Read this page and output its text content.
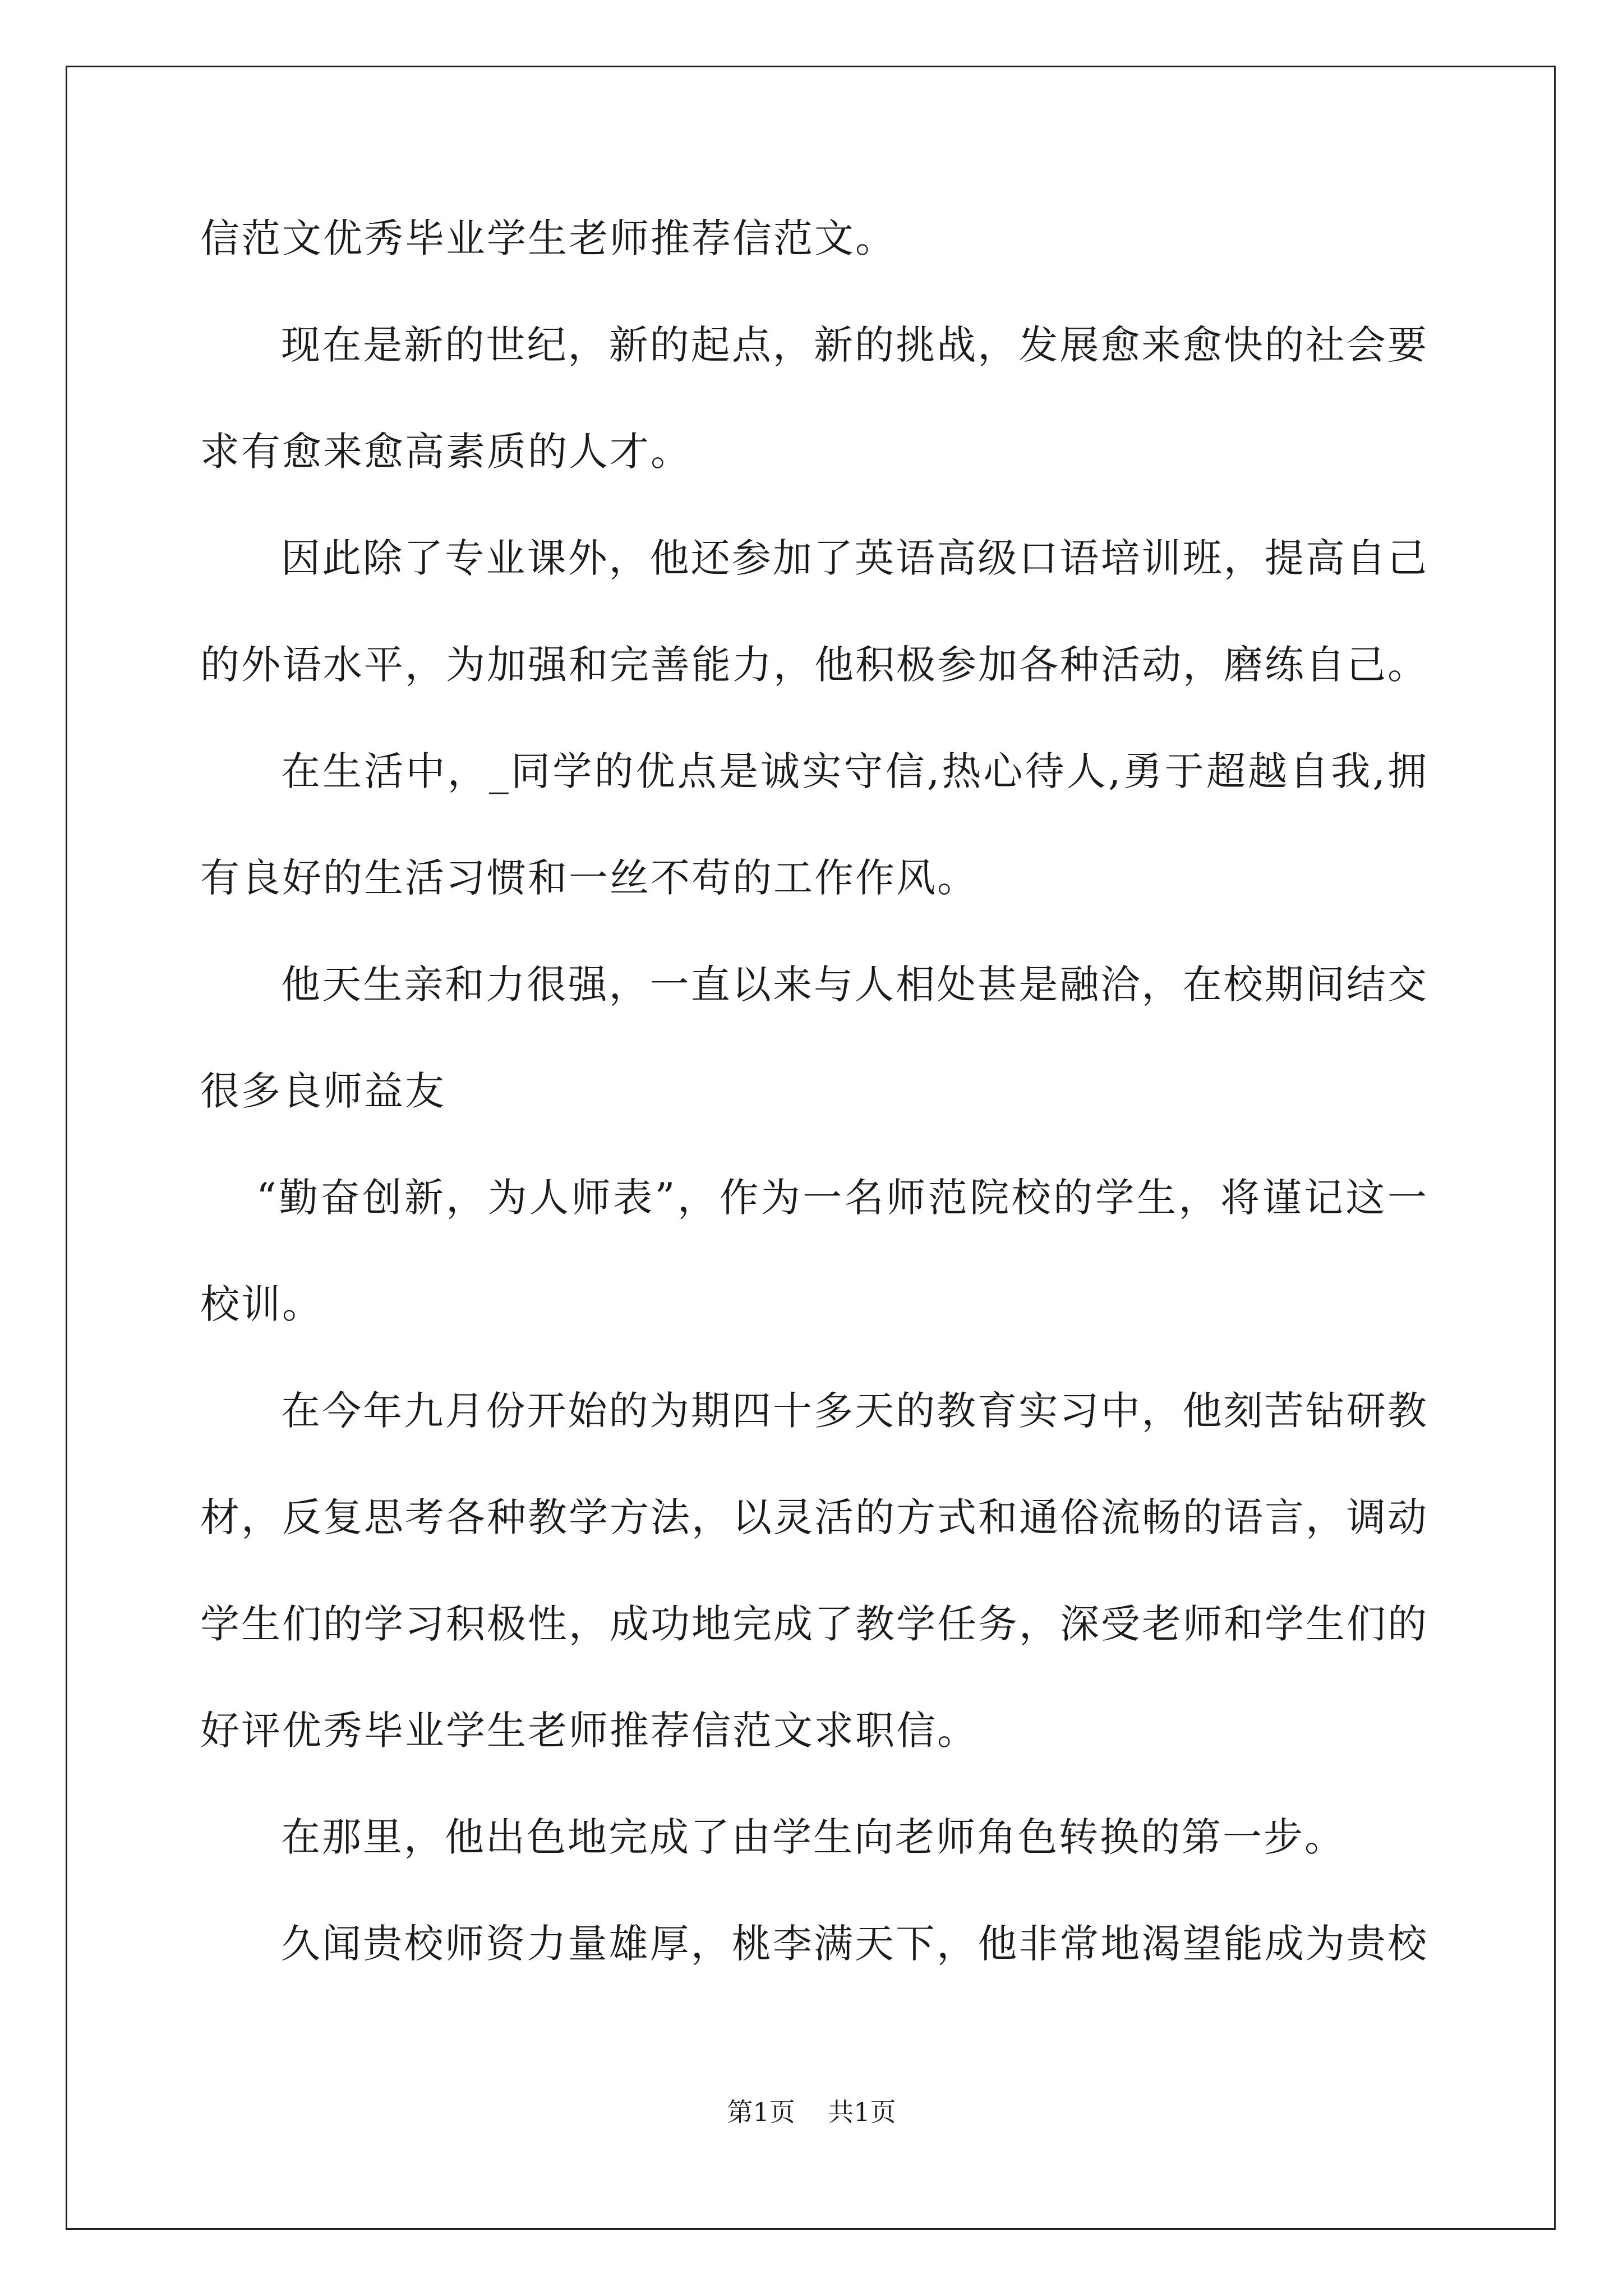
信范文优秀毕业学生老师推荐信范文。
现在是新的世纪，新的起点，新的挑战，发展愈来愈快的社会要
求有愈来愈高素质的人才。
因此除了专业课外，他还参加了英语高级口语培训班，提高自己
的外语水平，为加强和完善能力，他积极参加各种活动，磨练自己。
在生活中，_同学的优点是诚实守信,热心待人,勇于超越自我,拥
有良好的生活习惯和一丝不苟的工作作风。
他天生亲和力很强，一直以来与人相处甚是融洽，在校期间结交
很多良师益友
“勤奋创新，为人师表”，作为一名师范院校的学生，将谨记这一
校训。
在今年九月份开始的为期四十多天的教育实习中，他刻苦钻研教
材，反复思考各种教学方法，以灵活的方式和通俗流畅的语言，调动
学生们的学习积极性，成功地完成了教学任务，深受老师和学生们的
好评优秀毕业学生老师推荐信范文求职信。
在那里，他出色地完成了由学生向老师角色转换的第一步。
久闻贵校师资力量雄厚，桃李满天下，他非常地渴望能成为贵校
第1页    共1页
